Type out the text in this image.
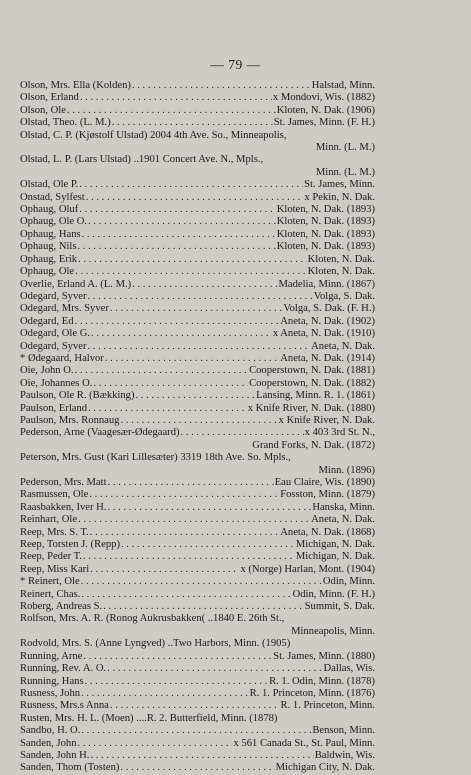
— 79 —
Olson, Mrs. Ella (Kolden) . . .	Halstad, Minn.
Olson, Erland . . .	x Mondovi, Wis. (1882)
Olson, Ole . . .	Kloten, N. Dak. (1906)
Olstad, Theo. (L. M.) . . .	St. James, Minn. (F. H.)
Olstad, C. P. (Kjøstolf Ulstad) 2004 4th Ave. So., Minneapolis,
Minn. (L. M.)
Olstad, L. P. (Lars Ulstad) ..1901 Concert Ave. N., Mpls.,
Minn. (L. M.)
Olstad, Ole P. . . .	St. James, Minn.
Onstad, Sylfest . . .	x Pekin, N. Dak.
Ophaug, Oluf . . .	Kloten, N. Dak. (1893)
Ophaug, Ole O. . . .	Kloten, N. Dak. (1893)
Ophaug, Hans . . .	Kloten, N. Dak. (1893)
Ophaug, Nils . . .	Kloten, N. Dak. (1893)
Ophaug, Erik . . .	Kloten, N. Dak.
Ophaug, Ole . . .	Kloten, N. Dak.
Overlie, Erland A. (L. M.) . . .	Madelia, Minn. (1867)
Odegard, Syver . . .	Volga, S. Dak.
Odegard, Mrs. Syver . . .	Volga, S. Dak. (F. H.)
Odegard, Ed . . .	Aneta, N. Dak. (1902)
Odegard, Ole G. . . .	x Aneta, N. Dak. (1910)
Odegard, Syver . . .	Aneta, N. Dak.
* Ødegaard, Halvor . . .	Aneta, N. Dak. (1914)
Oie, John O. . . .	Cooperstown, N. Dak. (1881)
Oie, Johannes O. . . .	Cooperstown, N. Dak. (1882)
Paulson, Ole R. (Bækking) . . .	Lansing, Minn. R. 1. (1861)
Paulson, Erland . . .	x Knife River, N. Dak. (1880)
Paulson, Mrs. Ronnaug . . .	x Knife River, N. Dak.
Pederson, Arne (Vaagesær-Ødegaard) . . .	x 403 3rd St. N.,
Grand Forks, N. Dak. (1872)
Peterson, Mrs. Gust (Kari Lillesæter) 3319 18th Ave. So. Mpls.,
Minn. (1896)
Pederson, Mrs. Matt . . .	Eau Claire, Wis. (1890)
Rasmussen, Ole . . .	Fosston, Minn. (1879)
Raasbakken, Iver H. . . .	Hanska, Minn.
Reinhart, Ole . . .	Aneta, N. Dak.
Reep, Mrs. S. T. . . .	Aneta, N. Dak. (1868)
Reep, Torsten J. (Repp) . . .	Michigan, N. Dak.
Reep, Peder T. . . .	Michigan, N. Dak.
Reep, Miss Kari . . .	x (Norge) Harlan, Mont. (1904)
* Reinert, Ole . . .	Odin, Minn.
Reinert, Chas. . . .	Odin, Minn. (F. H.)
Roberg, Andreas S. . . .	Summit, S. Dak.
Rolfson, Mrs. A. R. (Ronog Aukrusbakken( ..1840 E. 26th St.,
Minneapolis, Minn.
Rodvold, Mrs. S. (Anne Lyngved) ..Two Harbors, Minn. (1905)
Running, Arne . . .	St. James, Minn. (1880)
Running, Rev. A. O. . . .	Dallas, Wis.
Running, Hans . . .	R. 1. Odin, Minn. (1878)
Rusness, John . . .	R. 1. Princeton, Minn. (1876)
Rusness, Mrs.s Anna . . .	R. 1. Princeton, Minn.
Rusten, Mrs. H. L. (Moen) ....R. 2. Butterfield, Minn. (1878)
Sandbo, H. O. . . .	Benson, Minn.
Sanden, John . . .	x 561 Canada St., St. Paul, Minn.
Sanden, John H. . . .	Baldwin, Wis.
Sanden, Thom (Tosten) . . .	Michigan City, N. Dak.
